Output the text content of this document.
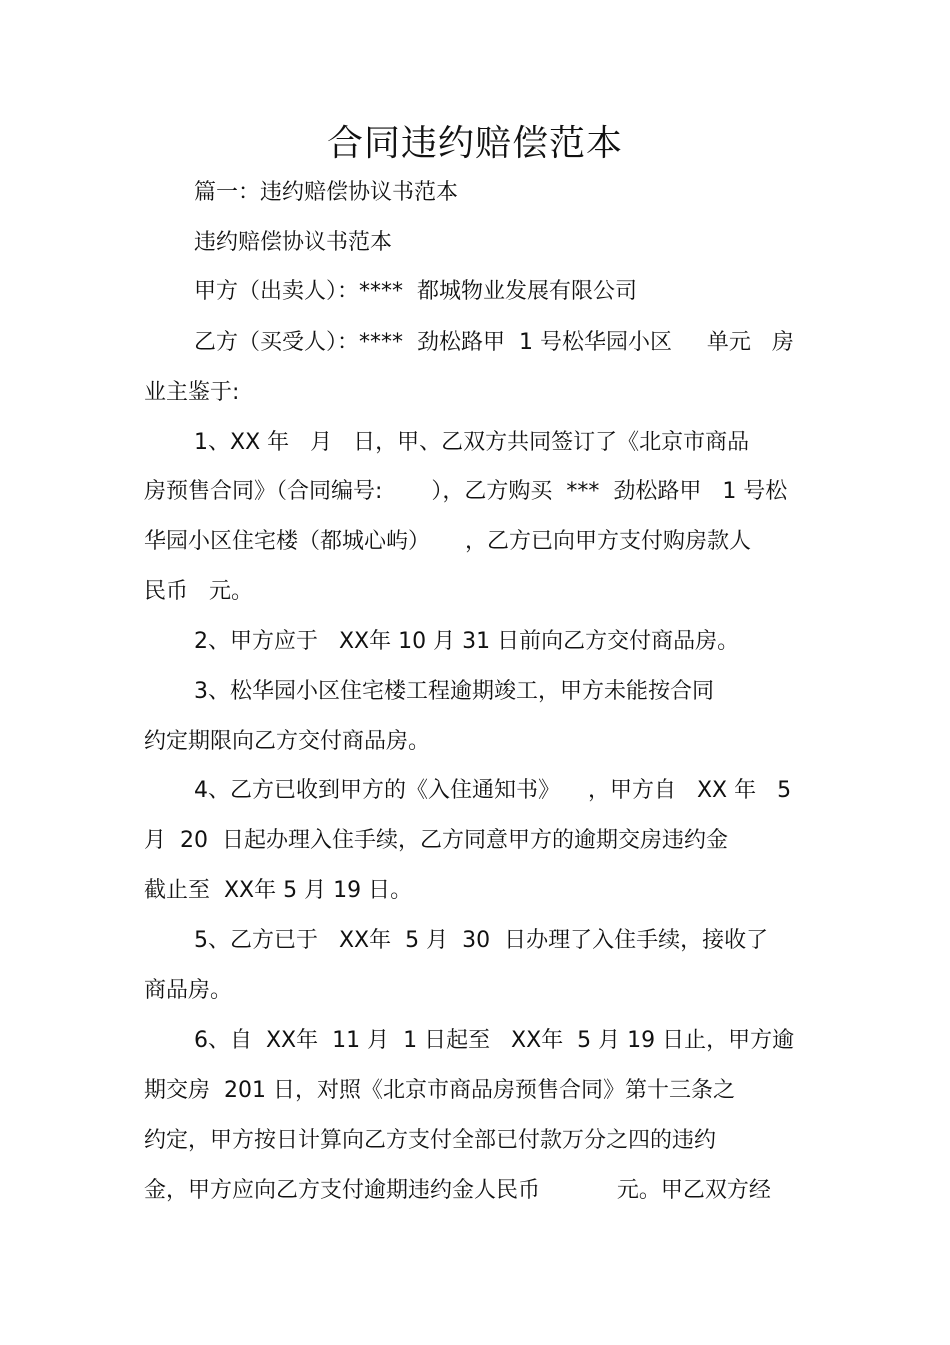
合同违约赔偿范本

篇一：违约赔偿协议书范本

违约赔偿协议书范本

甲方（出卖人）：****  都城物业发展有限公司

乙方（买受人）：****  劲松路甲  1 号松华园小区     单元   房

业主鉴于:

1、XX 年   月   日，甲、乙双方共同签订了《北京市商品

房预售合同》（合同编号:       ），乙方购买  ***  劲松路甲   1 号松

华园小区住宅楼（都城心屿）     ，乙方已向甲方支付购房款人

民币   元。

2、甲方应于   XX年 10 月 31 日前向乙方交付商品房。

3、松华园小区住宅楼工程逾期竣工，甲方未能按合同

约定期限向乙方交付商品房。

4、乙方已收到甲方的《入住通知书》    ，甲方自   XX 年   5

月  20  日起办理入住手续，乙方同意甲方的逾期交房违约金

截止至  XX年 5 月 19 日。

5、乙方已于   XX年  5 月  30  日办理了入住手续，接收了

商品房。

6、自  XX年  11 月  1 日起至   XX年  5 月 19 日止，甲方逾

期交房  201 日，对照《北京市商品房预售合同》第十三条之

约定，甲方按日计算向乙方支付全部已付款万分之四的违约

金，甲方应向乙方支付逾期违约金人民币           元。甲乙双方经
